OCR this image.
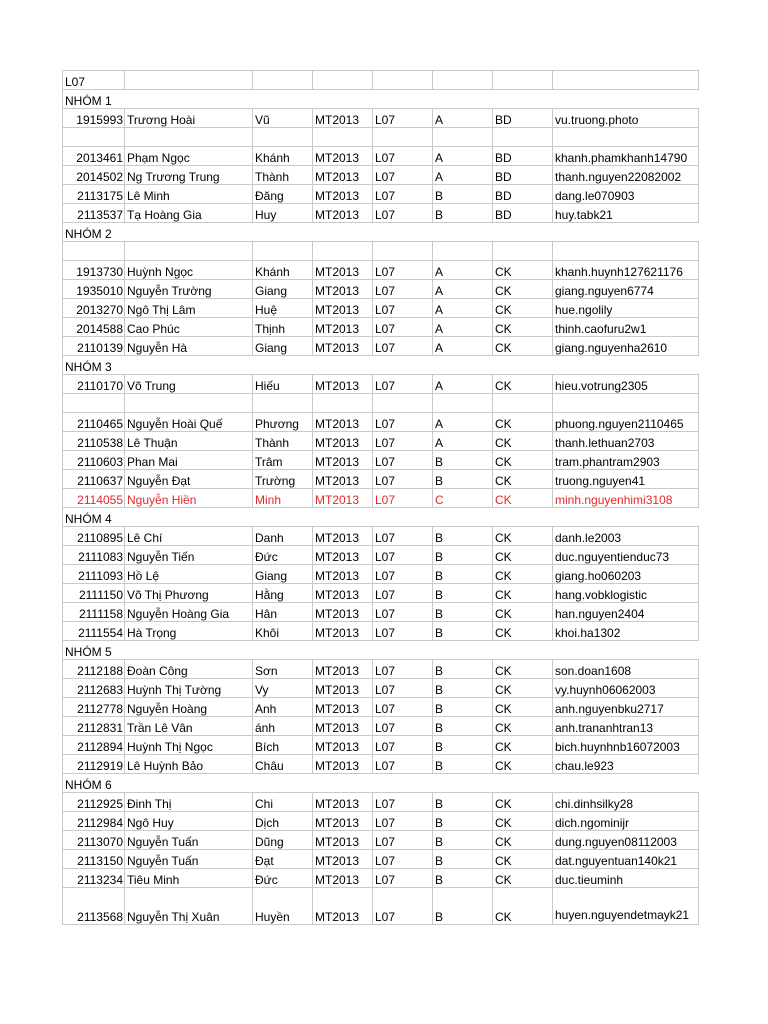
L07							
NHÓM 1							
1915993	Trương Hoài	Vũ	MT2013	L07	A	BD	vu.truong.photo

2013461	Phạm Ngọc	Khánh	MT2013	L07	A	BD	khanh.phamkhanh14790
2014502	Ng Trương Trung	Thành	MT2013	L07	A	BD	thanh.nguyen22082002
2113175	Lê Minh	Đăng	MT2013	L07	B	BD	dang.le070903
2113537	Tạ Hoàng Gia	Huy	MT2013	L07	B	BD	huy.tabk21
NHÓM 2							

1913730	Huỳnh Ngọc	Khánh	MT2013	L07	A	CK	khanh.huynh127621176
1935010	Nguyễn Trường	Giang	MT2013	L07	A	CK	giang.nguyen6774
2013270	Ngô Thị Lâm	Huệ	MT2013	L07	A	CK	hue.ngolily
2014588	Cao Phúc	Thịnh	MT2013	L07	A	CK	thinh.caofuru2w1
2110139	Nguyễn Hà	Giang	MT2013	L07	A	CK	giang.nguyenha2610
NHÓM 3							
2110170	Võ Trung	Hiếu	MT2013	L07	A	CK	hieu.votrung2305

2110465	Nguyễn Hoài Quế	Phương	MT2013	L07	A	CK	phuong.nguyen2110465
2110538	Lê Thuận	Thành	MT2013	L07	A	CK	thanh.lethuan2703
2110603	Phan Mai	Trâm	MT2013	L07	B	CK	tram.phantram2903
2110637	Nguyễn Đạt	Trường	MT2013	L07	B	CK	truong.nguyen41
2114055	Nguyễn Hiền	Minh	MT2013	L07	C	CK	minh.nguyenhimi3108
NHÓM 4							
2110895	Lê Chí	Danh	MT2013	L07	B	CK	danh.le2003
2111083	Nguyễn Tiến	Đức	MT2013	L07	B	CK	duc.nguyentienduc73
2111093	Hồ Lệ	Giang	MT2013	L07	B	CK	giang.ho060203
2111150	Võ Thị Phương	Hằng	MT2013	L07	B	CK	hang.vobklogistic
2111158	Nguyễn Hoàng Gia	Hân	MT2013	L07	B	CK	han.nguyen2404
2111554	Hà Trọng	Khôi	MT2013	L07	B	CK	khoi.ha1302
NHÓM 5							
2112188	Đoàn Công	Sơn	MT2013	L07	B	CK	son.doan1608
2112683	Huỳnh Thị Tường	Vy	MT2013	L07	B	CK	vy.huynh06062003
2112778	Nguyễn Hoàng	Anh	MT2013	L07	B	CK	anh.nguyenbku2717
2112831	Trần Lê Vân	ánh	MT2013	L07	B	CK	anh.trananhtran13
2112894	Huỳnh Thị Ngọc	Bích	MT2013	L07	B	CK	bich.huynhnb16072003
2112919	Lê Huỳnh Bảo	Châu	MT2013	L07	B	CK	chau.le923
NHÓM 6							
2112925	Đinh Thị	Chi	MT2013	L07	B	CK	chi.dinhsilky28
2112984	Ngô Huy	Dịch	MT2013	L07	B	CK	dich.ngominijr
2113070	Nguyễn Tuấn	Dũng	MT2013	L07	B	CK	dung.nguyen08112003
2113150	Nguyễn Tuấn	Đạt	MT2013	L07	B	CK	dat.nguyentuan140k21
2113234	Tiêu Minh	Đức	MT2013	L07	B	CK	duc.tieuminh
2113568	Nguyễn Thị Xuân	Huyền	MT2013	L07	B	CK	huyen.nguyendetmayk21
